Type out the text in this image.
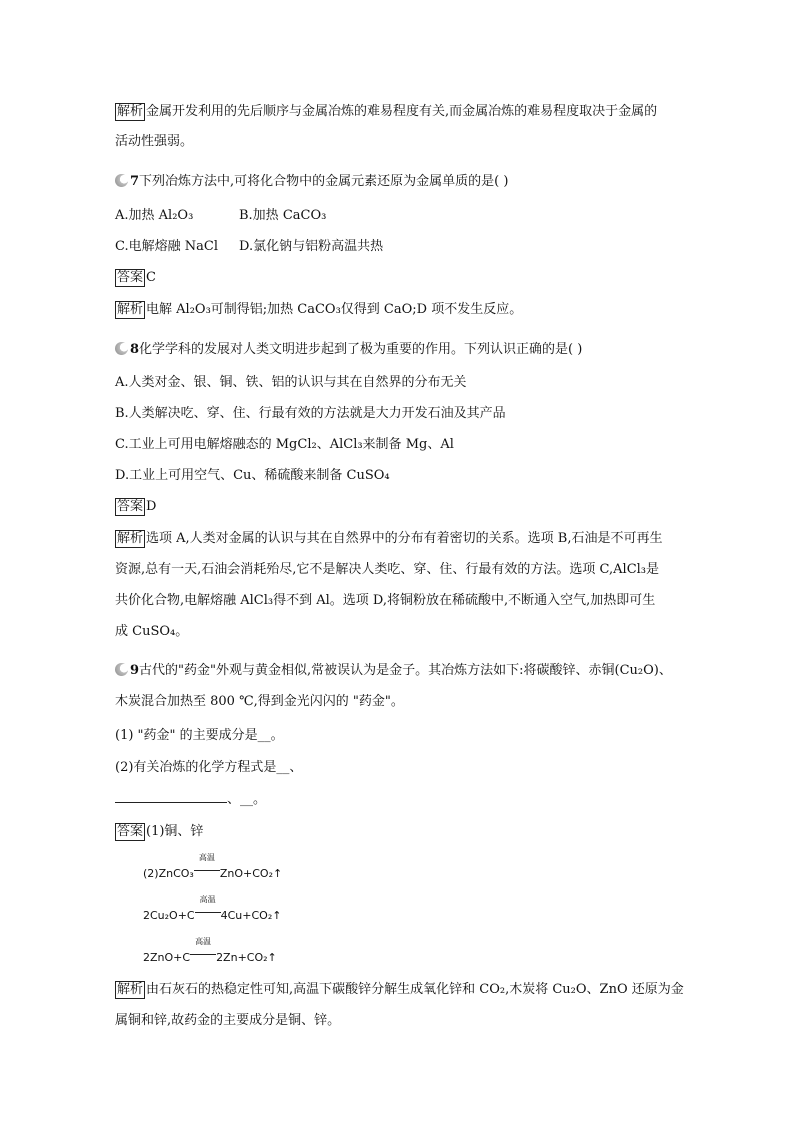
解析 金属开发利用的先后顺序与金属冶炼的难易程度有关,而金属冶炼的难易程度取决于金属的
活动性强弱。
7下列冶炼方法中,可将化合物中的金属元素还原为金属单质的是( )
A.加热 Al₂O₃	B.加热 CaCO₃
C.电解熔融 NaCl D.氯化钠与铝粉高温共热
答案 C
解析 电解 Al₂O₃可制得铝;加热 CaCO₃仅得到 CaO;D 项不发生反应。
8化学学科的发展对人类文明进步起到了极为重要的作用。下列认识正确的是( )
A.人类对金、银、铜、铁、铝的认识与其在自然界的分布无关
B.人类解决吃、穿、住、行最有效的方法就是大力开发石油及其产品
C.工业上可用电解熔融态的 MgCl₂、AlCl₃来制备 Mg、Al
D.工业上可用空气、Cu、稀硫酸来制备 CuSO₄
答案 D
解析 选项 A,人类对金属的认识与其在自然界中的分布有着密切的关系。选项 B,石油是不可再生
资源,总有一天,石油会消耗殆尽,它不是解决人类吃、穿、住、行最有效的方法。选项 C,AlCl₃是
共价化合物,电解熔融 AlCl₃得不到 Al。选项 D,将铜粉放在稀硫酸中,不断通入空气,加热即可生
成 CuSO₄。
9古代的"药金"外观与黄金相似,常被误认为是金子。其冶炼方法如下:将碳酸锌、赤铜(Cu₂O)、
木炭混合加热至 800 ℃,得到金光闪闪的 "药金"。
(1) "药金" 的主要成分是__。
(2)有关冶炼的化学方程式是__、
、__。
答案 (1)铜、锌
(2)ZnCO₃
高温
ZnO+CO₂↑
2Cu₂O+C
高温
4Cu+CO₂↑
2ZnO+C
高温
2Zn+CO₂↑
解析 由石灰石的热稳定性可知,高温下碳酸锌分解生成氧化锌和 CO₂,木炭将 Cu₂O、ZnO 还原为金
属铜和锌,故药金的主要成分是铜、锌。
